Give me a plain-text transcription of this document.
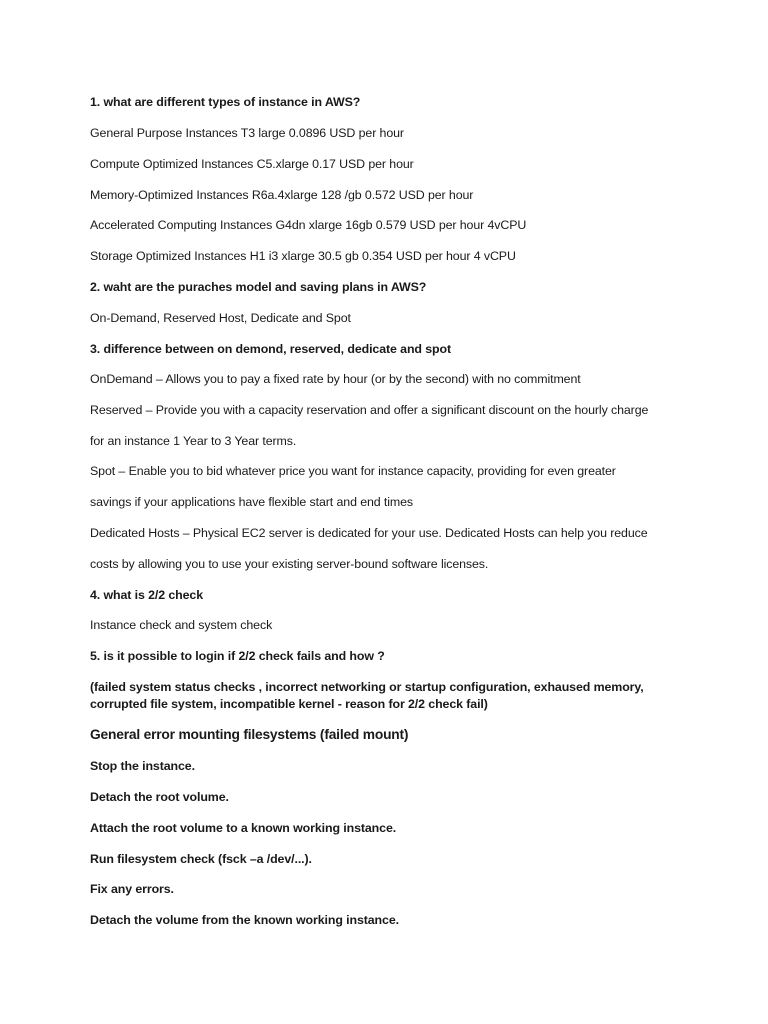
1. what are different types of instance in AWS?
General Purpose Instances T3 large 0.0896 USD per hour
Compute Optimized Instances C5.xlarge 0.17 USD per hour
Memory-Optimized Instances R6a.4xlarge 128 /gb 0.572 USD per hour
Accelerated Computing Instances G4dn xlarge 16gb 0.579 USD per hour 4vCPU
Storage Optimized Instances H1 i3 xlarge 30.5 gb 0.354 USD per hour 4 vCPU
2. waht are the puraches model and saving plans in AWS?
On-Demand, Reserved Host, Dedicate and Spot
3. difference between on demond, reserved, dedicate and spot
OnDemand – Allows you to pay a fixed rate by hour (or by the second) with no commitment
Reserved – Provide you with a capacity reservation and offer a significant discount on the hourly charge
for an instance 1 Year to 3 Year terms.
Spot – Enable you to bid whatever price you want for instance capacity, providing for even greater
savings if your applications have flexible start and end times
Dedicated Hosts – Physical EC2 server is dedicated for your use. Dedicated Hosts can help you reduce
costs by allowing you to use your existing server-bound software licenses.
4. what is 2/2 check
Instance check and system check
5. is it possible to login if 2/2 check fails and how ?
(failed system status checks , incorrect networking or startup configuration, exhaused memory, corrupted file system, incompatible kernel - reason for 2/2 check fail)
General error mounting filesystems (failed mount)
Stop the instance.
Detach the root volume.
Attach the root volume to a known working instance.
Run filesystem check (fsck –a /dev/...).
Fix any errors.
Detach the volume from the known working instance.
